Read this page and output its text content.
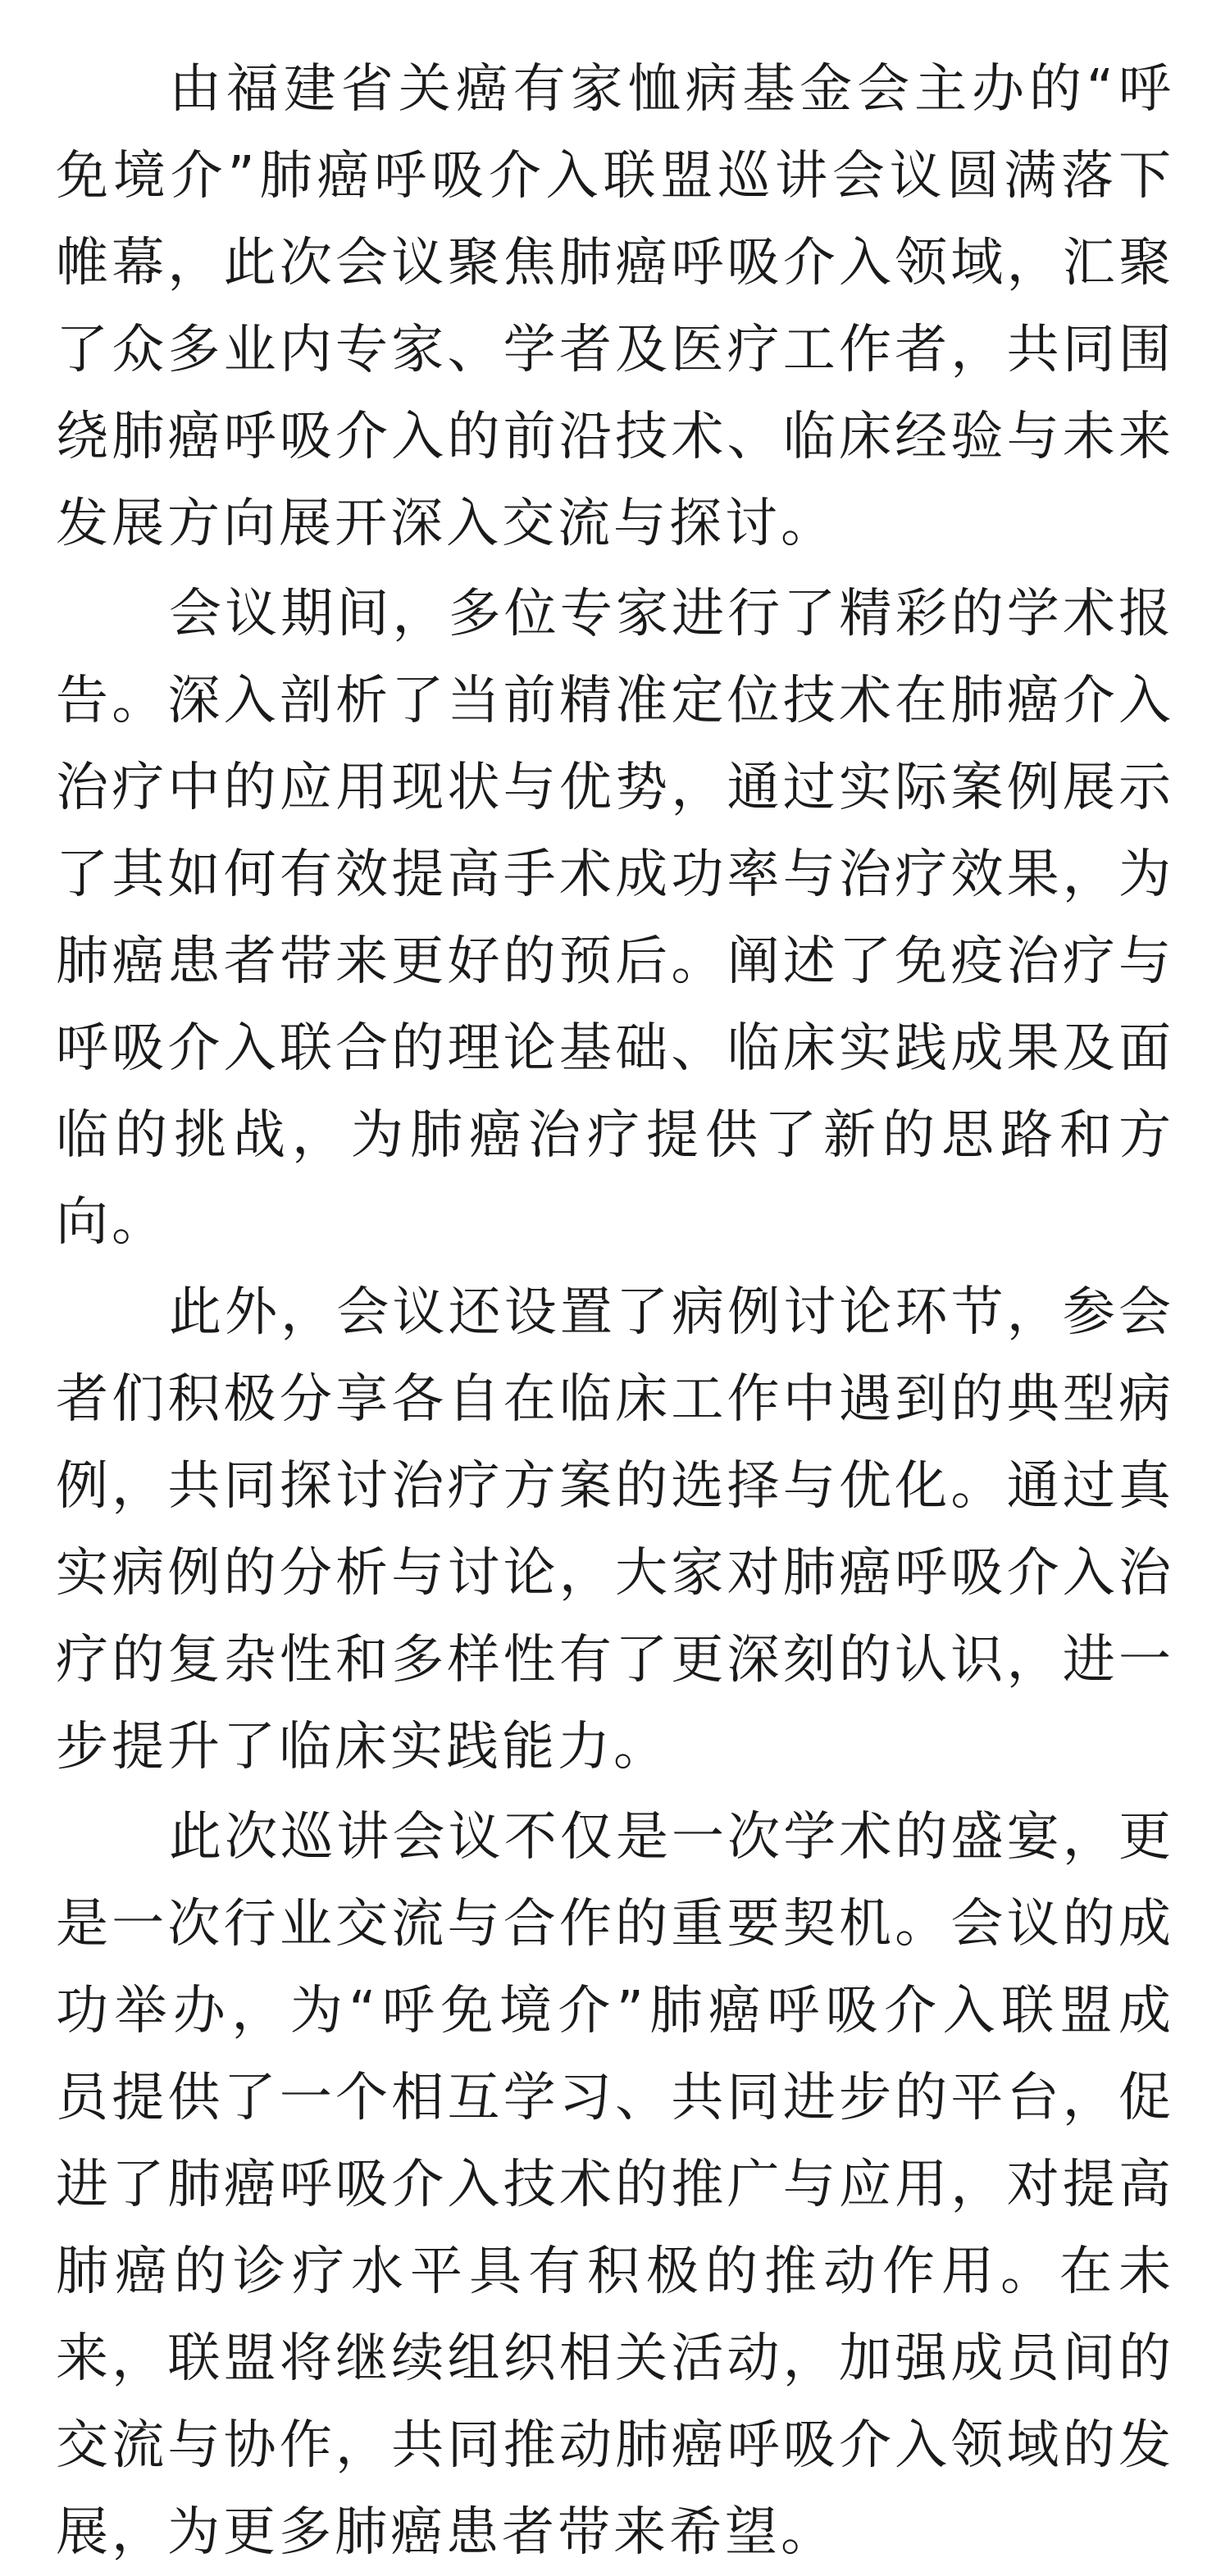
由福建省关癌有家恤病基金会主办的“呼免境介”肺癌呼吸介入联盟巡讲会议圆满落下帷幕，此次会议聚焦肺癌呼吸介入领域，汇聚了众多业内专家、学者及医疗工作者，共同围绕肺癌呼吸介入的前沿技术、临床经验与未来发展方向展开深入交流与探讨。

会议期间，多位专家进行了精彩的学术报告。深入剖析了当前精准定位技术在肺癌介入治疗中的应用现状与优势，通过实际案例展示了其如何有效提高手术成功率与治疗效果，为肺癌患者带来更好的预后。阐述了免疫治疗与呼吸介入联合的理论基础、临床实践成果及面临的挑战，为肺癌治疗提供了新的思路和方向。

此外，会议还设置了病例讨论环节，参会者们积极分享各自在临床工作中遇到的典型病例，共同探讨治疗方案的选择与优化。通过真实病例的分析与讨论，大家对肺癌呼吸介入治疗的复杂性和多样性有了更深刻的认识，进一步提升了临床实践能力。

此次巡讲会议不仅是一次学术的盛宴，更是一次行业交流与合作的重要契机。会议的成功举办，为“呼免境介”肺癌呼吸介入联盟成员提供了一个相互学习、共同进步的平台，促进了肺癌呼吸介入技术的推广与应用，对提高肺癌的诊疗水平具有积极的推动作用。在未来，联盟将继续组织相关活动，加强成员间的交流与协作，共同推动肺癌呼吸介入领域的发展，为更多肺癌患者带来希望。
